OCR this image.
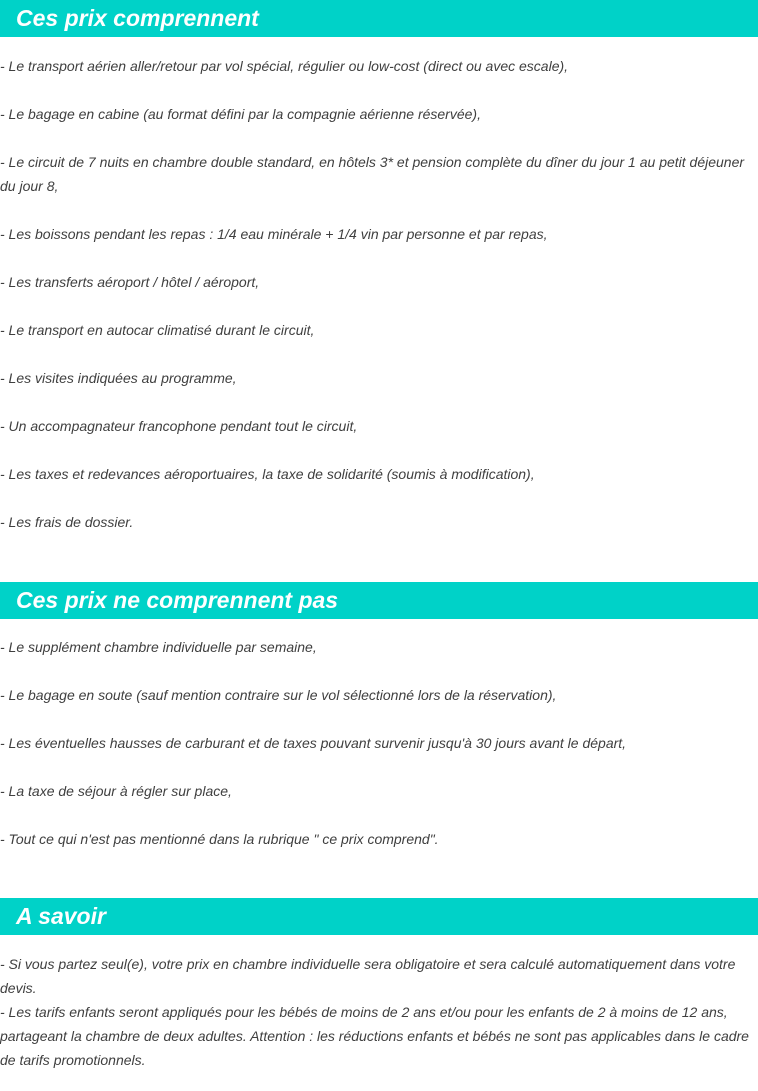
Ces prix comprennent

- Le transport aérien aller/retour par vol spécial, régulier ou low-cost (direct ou avec escale),

- Le bagage en cabine (au format défini par la compagnie aérienne réservée),

- Le circuit de 7 nuits en chambre double standard, en hôtels 3* et pension complète du dîner du jour 1 au petit déjeuner du jour 8,

- Les boissons pendant les repas : 1/4 eau minérale + 1/4 vin par personne et par repas,

- Les transferts aéroport / hôtel / aéroport,

- Le transport en autocar climatisé durant le circuit,

- Les visites indiquées au programme,

- Un accompagnateur francophone pendant tout le circuit,

- Les taxes et redevances aéroportuaires, la taxe de solidarité (soumis à modification),

- Les frais de dossier.

Ces prix ne comprennent pas

- Le supplément chambre individuelle par semaine,

- Le bagage en soute (sauf mention contraire sur le vol sélectionné lors de la réservation),

- Les éventuelles hausses de carburant et de taxes pouvant survenir jusqu'à 30 jours avant le départ,

- La taxe de séjour à régler sur place,

- Tout ce qui n'est pas mentionné dans la rubrique " ce prix comprend".

A savoir

- Si vous partez seul(e), votre prix en chambre individuelle sera obligatoire et sera calculé automatiquement dans votre devis.

- Les tarifs enfants seront appliqués pour les bébés de moins de 2 ans et/ou pour les enfants de 2 à moins de 12 ans, partageant la chambre de deux adultes. Attention : les réductions enfants et bébés ne sont pas applicables dans le cadre de tarifs promotionnels.
